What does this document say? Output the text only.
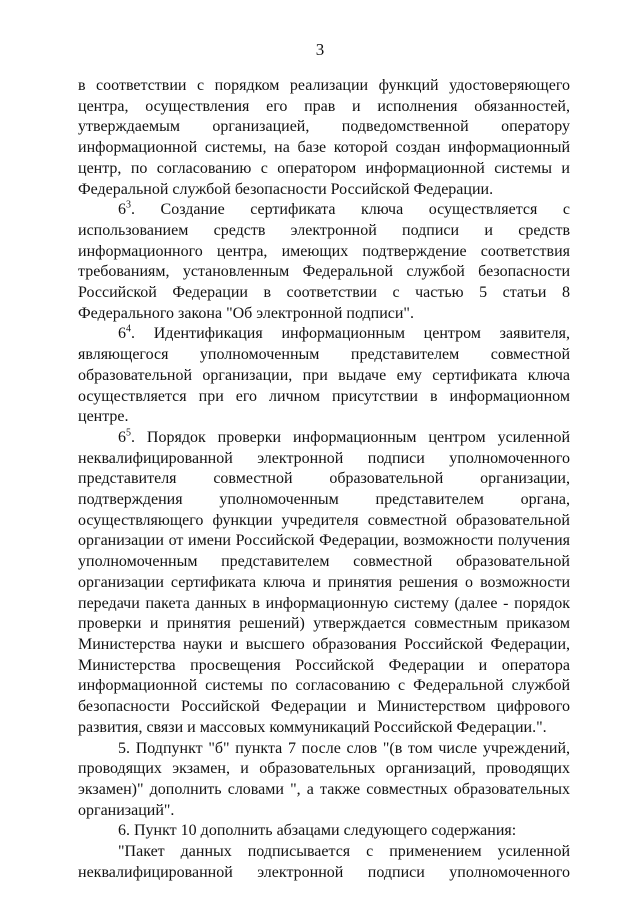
3

в соответствии с порядком реализации функций удостоверяющего центра, осуществления его прав и исполнения обязанностей, утверждаемым организацией, подведомственной оператору информационной системы, на базе которой создан информационный центр, по согласованию с оператором информационной системы и Федеральной службой безопасности Российской Федерации.

$6^3$. Создание сертификата ключа осуществляется с использованием средств электронной подписи и средств информационного центра, имеющих подтверждение соответствия требованиям, установленным Федеральной службой безопасности Российской Федерации в соответствии с частью 5 статьи 8 Федерального закона "Об электронной подписи".

$6^4$. Идентификация информационным центром заявителя, являющегося уполномоченным представителем совместной образовательной организации, при выдаче ему сертификата ключа осуществляется при его личном присутствии в информационном центре.

$6^5$. Порядок проверки информационным центром усиленной неквалифицированной электронной подписи уполномоченного представителя совместной образовательной организации, подтверждения уполномоченным представителем органа, осуществляющего функции учредителя совместной образовательной организации от имени Российской Федерации, возможности получения уполномоченным представителем совместной образовательной организации сертификата ключа и принятия решения о возможности передачи пакета данных в информационную систему (далее - порядок проверки и принятия решений) утверждается совместным приказом Министерства науки и высшего образования Российской Федерации, Министерства просвещения Российской Федерации и оператора информационной системы по согласованию с Федеральной службой безопасности Российской Федерации и Министерством цифрового развития, связи и массовых коммуникаций Российской Федерации.".

5. Подпункт "б" пункта 7 после слов "(в том числе учреждений, проводящих экзамен, и образовательных организаций, проводящих экзамен)" дополнить словами ", а также совместных образовательных организаций".

6. Пункт 10 дополнить абзацами следующего содержания:

"Пакет данных подписывается с применением усиленной неквалифицированной электронной подписи уполномоченного
